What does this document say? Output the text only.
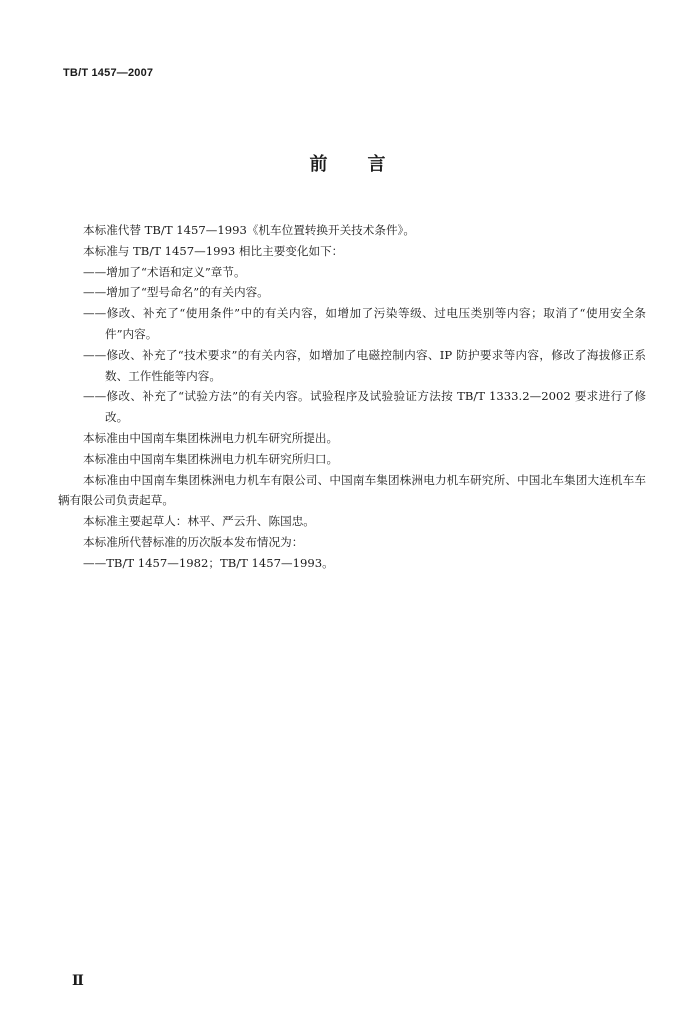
TB/T 1457—2007
前言

本标准代替 TB/T 1457—1993《机车位置转换开关技术条件》。

本标准与 TB/T 1457—1993 相比主要变化如下：

——增加了“术语和定义”章节。

——增加了“型号命名”的有关内容。

——修改、补充了“使用条件”中的有关内容，如增加了污染等级、过电压类别等内容；取消了“使用安全条件”内容。

——修改、补充了“技术要求”的有关内容，如增加了电磁控制内容、IP 防护要求等内容，修改了海拔修正系数、工作性能等内容。

——修改、补充了“试验方法”的有关内容。试验程序及试验验证方法按 TB/T 1333.2—2002 要求进行了修改。

本标准由中国南车集团株洲电力机车研究所提出。

本标准由中国南车集团株洲电力机车研究所归口。

本标准由中国南车集团株洲电力机车有限公司、中国南车集团株洲电力机车研究所、中国北车集团大连机车车辆有限公司负责起草。

本标准主要起草人：林平、严云升、陈国忠。

本标准所代替标准的历次版本发布情况为：

——TB/T 1457—1982；TB/T 1457—1993。

Ⅱ
